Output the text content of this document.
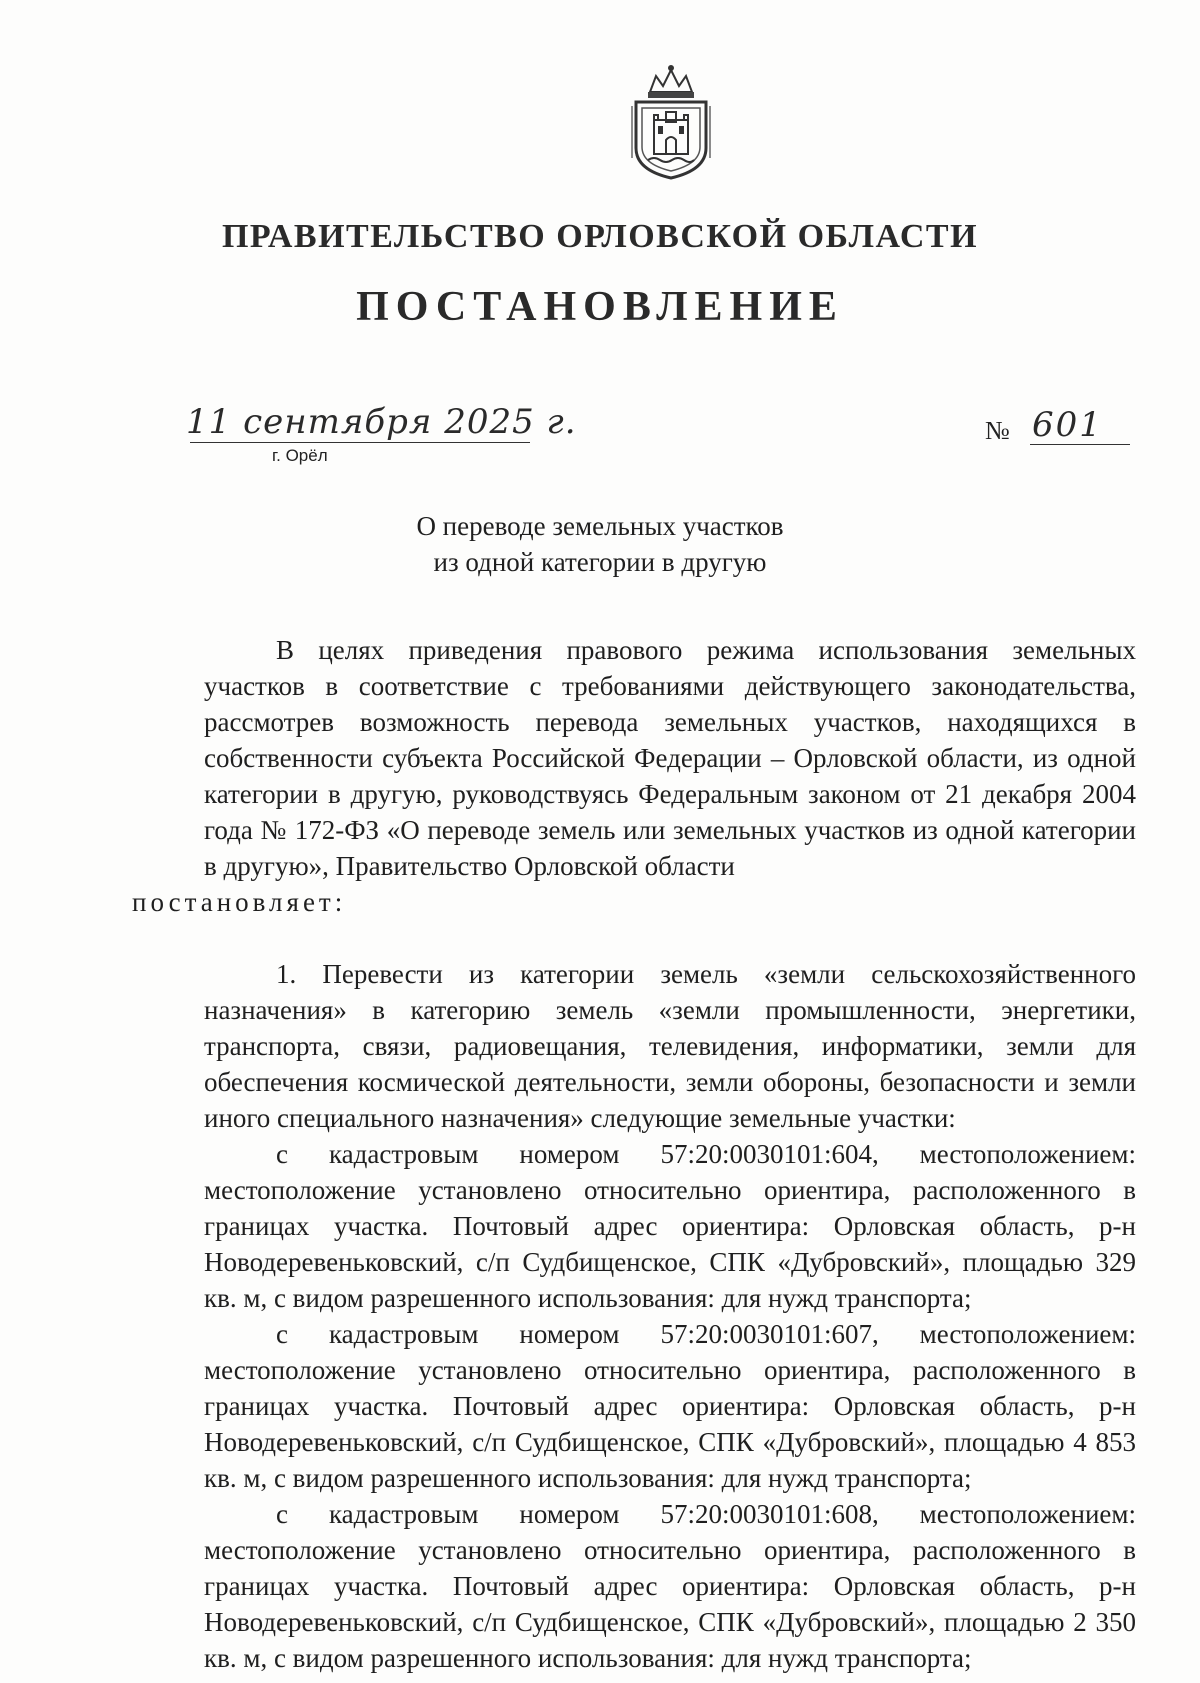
ПРАВИТЕЛЬСТВО ОРЛОВСКОЙ ОБЛАСТИ
ПОСТАНОВЛЕНИЕ
11 сентября 2025 г.
г. Орёл
№ 601
О переводе земельных участков
из одной категории в другую

В целях приведения правового режима использования земельных участков в соответствие с требованиями действующего законодательства, рассмотрев возможность перевода земельных участков, находящихся в собственности субъекта Российской Федерации – Орловской области, из одной категории в другую, руководствуясь Федеральным законом от 21 декабря 2004 года № 172-ФЗ «О переводе земель или земельных участков из одной категории в другую», Правительство Орловской области
постановляет:

1. Перевести из категории земель «земли сельскохозяйственного назначения» в категорию земель «земли промышленности, энергетики, транспорта, связи, радиовещания, телевидения, информатики, земли для обеспечения космической деятельности, земли обороны, безопасности и земли иного специального назначения» следующие земельные участки:

с кадастровым номером 57:20:0030101:604, местоположением: местоположение установлено относительно ориентира, расположенного в границах участка. Почтовый адрес ориентира: Орловская область, р-н Новодеревеньковский, с/п Судбищенское, СПК «Дубровский», площадью 329 кв. м, с видом разрешенного использования: для нужд транспорта;

с кадастровым номером 57:20:0030101:607, местоположением: местоположение установлено относительно ориентира, расположенного в границах участка. Почтовый адрес ориентира: Орловская область, р-н Новодеревеньковский, с/п Судбищенское, СПК «Дубровский», площадью 4 853 кв. м, с видом разрешенного использования: для нужд транспорта;

с кадастровым номером 57:20:0030101:608, местоположением: местоположение установлено относительно ориентира, расположенного в границах участка. Почтовый адрес ориентира: Орловская область, р-н Новодеревеньковский, с/п Судбищенское, СПК «Дубровский», площадью 2 350 кв. м, с видом разрешенного использования: для нужд транспорта;
